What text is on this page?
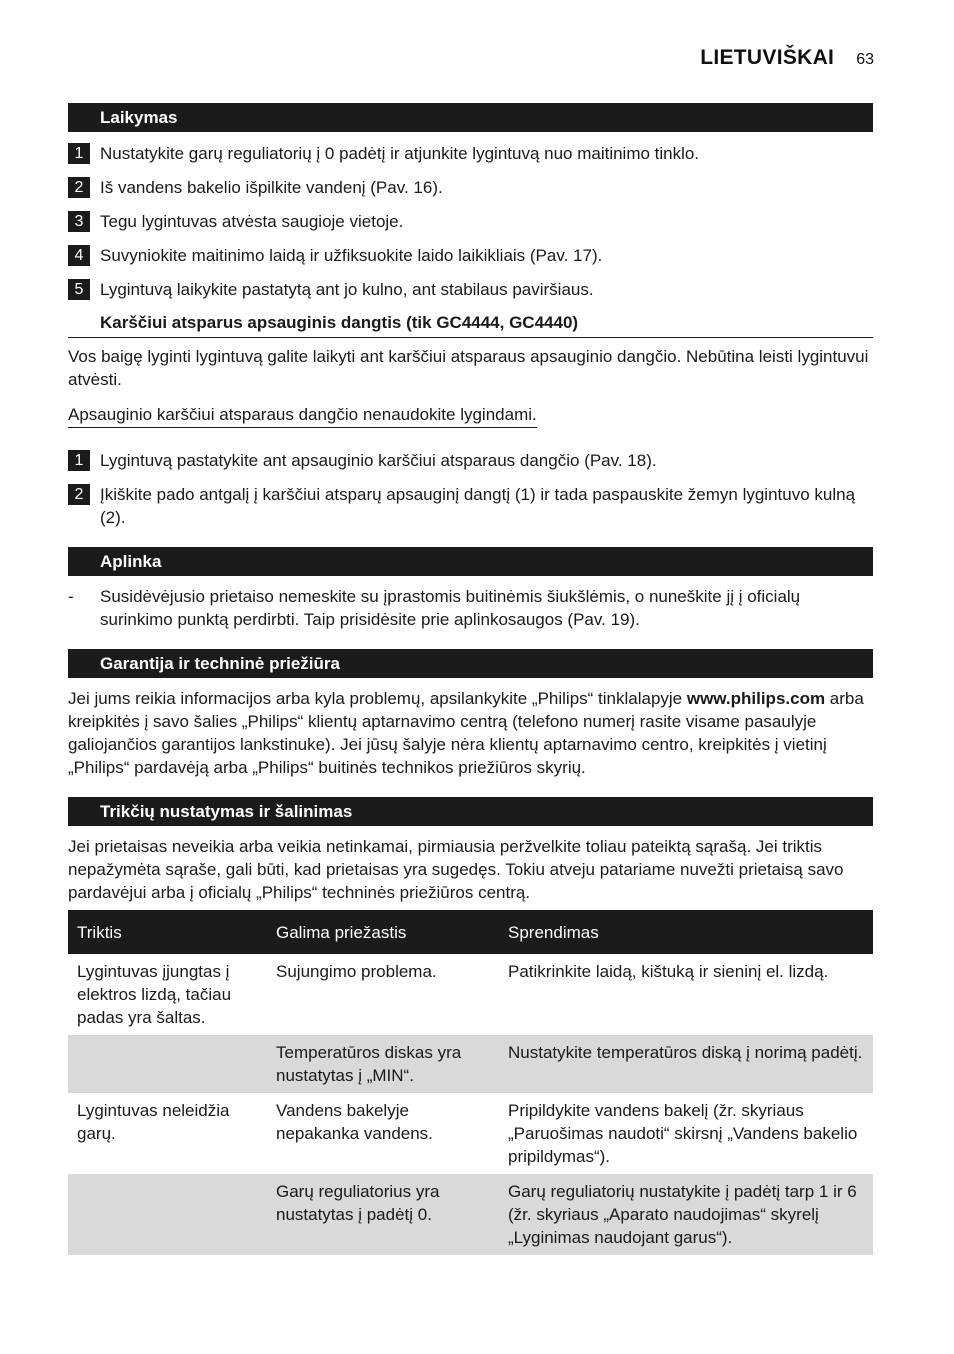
LIETUVIŠKAI 63
Laikymas
1 Nustatykite garų reguliatorių į 0 padėtį ir atjunkite lygintuvą nuo maitinimo tinklo.
2 Iš vandens bakelio išpilkite vandenį (Pav. 16).
3 Tegu lygintuvas atvėsta saugioje vietoje.
4 Suvyniokite maitinimo laidą ir užfiksuokite laido laikikliais (Pav. 17).
5 Lygintuvą laikykite pastatytą ant jo kulno, ant stabilaus paviršiaus.
Karščiui atsparus apsauginis dangtis (tik GC4444, GC4440)
Vos baigę lyginti lygintuvą galite laikyti ant karščiui atsparaus apsauginio dangčio. Nebūtina leisti lygintuvui atvėsti.
Apsauginio karščiui atsparaus dangčio nenaudokite lygindami.
1 Lygintuvą pastatykite ant apsauginio karščiui atsparaus dangčio (Pav. 18).
2 Įkiškite pado antgalį į karščiui atsparų apsauginį dangtį (1) ir tada paspauskite žemyn lygintuvo kulną (2).
Aplinka
-	Susidėvėjusio prietaiso nemeskite su įprastomis buitinėmis šiukšlėmis, o nuneškite jį į oficialų surinkimo punktą perdirbti. Taip prisidėsite prie aplinkosaugos (Pav. 19).
Garantija ir techninė priežiūra
Jei jums reikia informacijos arba kyla problemų, apsilankykite „Philips“ tinklalapyje www.philips.com arba kreipkitės į savo šalies „Philips“ klientų aptarnavimo centrą (telefono numerį rasite visame pasaulyje galiojančios garantijos lankstinuke). Jei jūsų šalyje nėra klientų aptarnavimo centro, kreipkitės į vietinį „Philips“ pardavėją arba „Philips“ buitinės technikos priežiūros skyrių.
Trikčių nustatymas ir šalinimas
Jei prietaisas neveikia arba veikia netinkamai, pirmiausia peržvelkite toliau pateiktą sąrašą. Jei triktis nepažymėta sąraše, gali būti, kad prietaisas yra sugedęs. Tokiu atveju patariame nuvežti prietaisą savo pardavėjui arba į oficialų „Philips“ techninės priežiūros centrą.
Triktis	Galima priežastis	Sprendimas
Lygintuvas įjungtas į elektros lizdą, tačiau padas yra šaltas.	Sujungimo problema.	Patikrinkite laidą, kištuką ir sieninį el. lizdą.
	Temperatūros diskas yra nustatytas į „MIN“.	Nustatykite temperatūros diską į norimą padėtį.
Lygintuvas neleidžia garų.	Vandens bakelyje nepakanka vandens.	Pripildykite vandens bakelį (žr. skyriaus „Paruošimas naudoti“ skirsnį „Vandens bakelio pripildymas“).
	Garų reguliatorius yra nustatytas į padėtį 0.	Garų reguliatorių nustatykite į padėtį tarp 1 ir 6 (žr. skyriaus „Aparato naudojimas“ skyrelį „Lyginimas naudojant garus“).
